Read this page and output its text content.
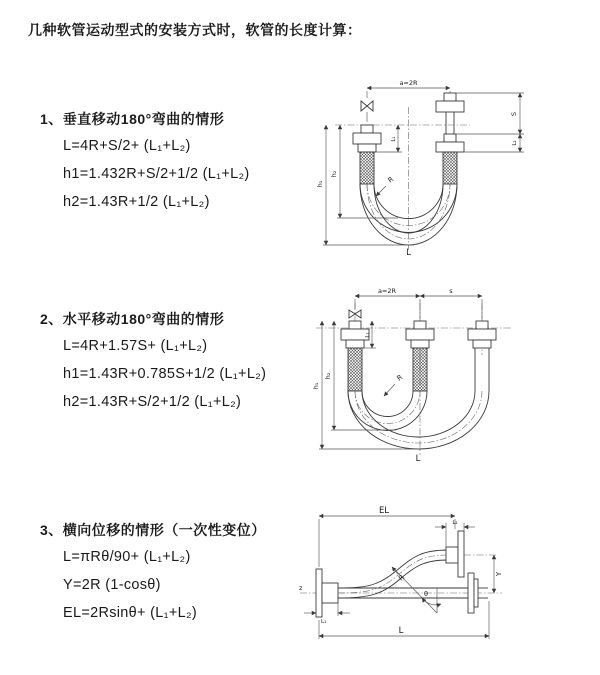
几种软管运动型式的安装方式时，软管的长度计算：
1、垂直移动180°弯曲的情形
L=4R+S/2+ (L₁+L₂)
h1=1.432R+S/2+1/2 (L₁+L₂)
h2=1.43R+1/2 (L₁+L₂)
2、水平移动180°弯曲的情形
L=4R+1.57S+ (L₁+L₂)
h1=1.43R+0.785S+1/2 (L₁+L₂)
h2=1.43R+S/2+1/2 (L₁+L₂)
3、横向位移的情形（一次性变位）
L=πRθ/90+ (L₁+L₂)
Y=2R (1-cosθ)
EL=2Rsinθ+ (L₁+L₂)
a=2R
h₁
h₂
L₁
S
L₂
R
L
a=2R	s
h₁
h₂
L₁
R
L
z
EL
L₂
L₁
Y
L
θ
R
